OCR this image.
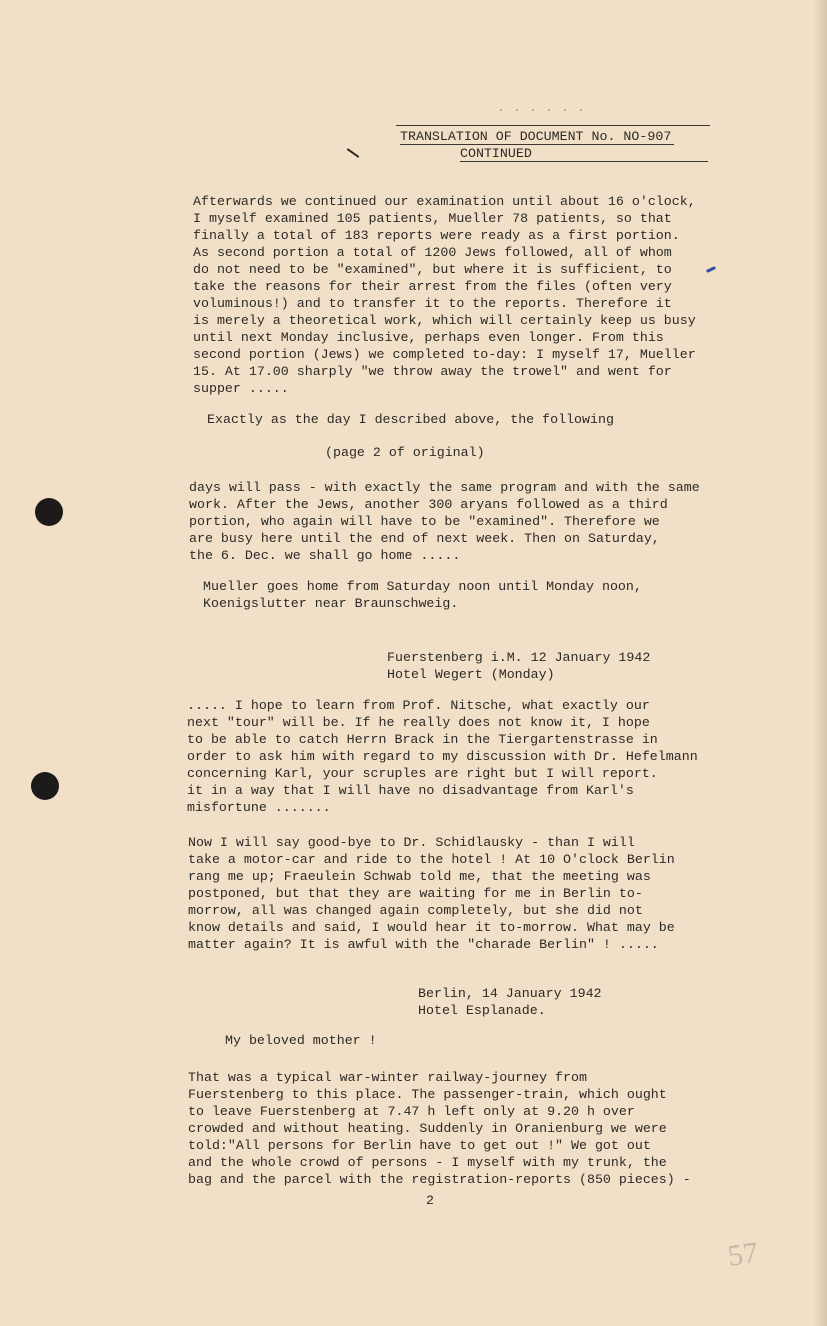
· · · · · ·
TRANSLATION OF DOCUMENT No. NO-907
CONTINUED
Afterwards we continued our examination until about 16 o'clock,
I myself examined 105 patients, Mueller 78 patients, so that
finally a total of 183 reports were ready as a first portion.
As second portion a total of 1200 Jews followed, all of whom
do not need to be "examined", but where it is sufficient, to
take the reasons for their arrest from the files (often very
voluminous!) and to transfer it to the reports. Therefore it
is merely a theoretical work, which will certainly keep us busy
until next Monday inclusive, perhaps even longer. From this
second portion (Jews) we completed to-day: I myself 17, Mueller
15. At 17.00 sharply "we throw away the trowel" and went for
supper .....
Exactly as the day I described above, the following
(page 2 of original)
days will pass - with exactly the same program and with the same
work. After the Jews, another 300 aryans followed as a third
portion, who again will have to be "examined". Therefore we
are busy here until the end of next week. Then on Saturday,
the 6. Dec. we shall go home .....
Mueller goes home from Saturday noon until Monday noon,
Koenigslutter near Braunschweig.
Fuerstenberg i.M. 12 January 1942
Hotel Wegert (Monday)
..... I hope to learn from Prof. Nitsche, what exactly our
next "tour" will be. If he really does not know it, I hope
to be able to catch Herrn Brack in the Tiergartenstrasse in
order to ask him with regard to my discussion with Dr. Hefelmann
concerning Karl, your scruples are right but I will report.
it in a way that I will have no disadvantage from Karl's
misfortune .......
Now I will say good-bye to Dr. Schidlausky - than I will
take a motor-car and ride to the hotel ! At 10 O'clock Berlin
rang me up; Fraeulein Schwab told me, that the meeting was
postponed, but that they are waiting for me in Berlin to-
morrow, all was changed again completely, but she did not
know details and said, I would hear it to-morrow. What may be
matter again? It is awful with the "charade Berlin" ! .....
Berlin, 14 January 1942
Hotel Esplanade.
My beloved mother !
That was a typical war-winter railway-journey from
Fuerstenberg to this place. The passenger-train, which ought
to leave Fuerstenberg at 7.47 h left only at 9.20 h over
crowded and without heating. Suddenly in Oranienburg we were
told:"All persons for Berlin have to get out !" We got out
and the whole crowd of persons - I myself with my trunk, the
bag and the parcel with the registration-reports (850 pieces) -
2
57
